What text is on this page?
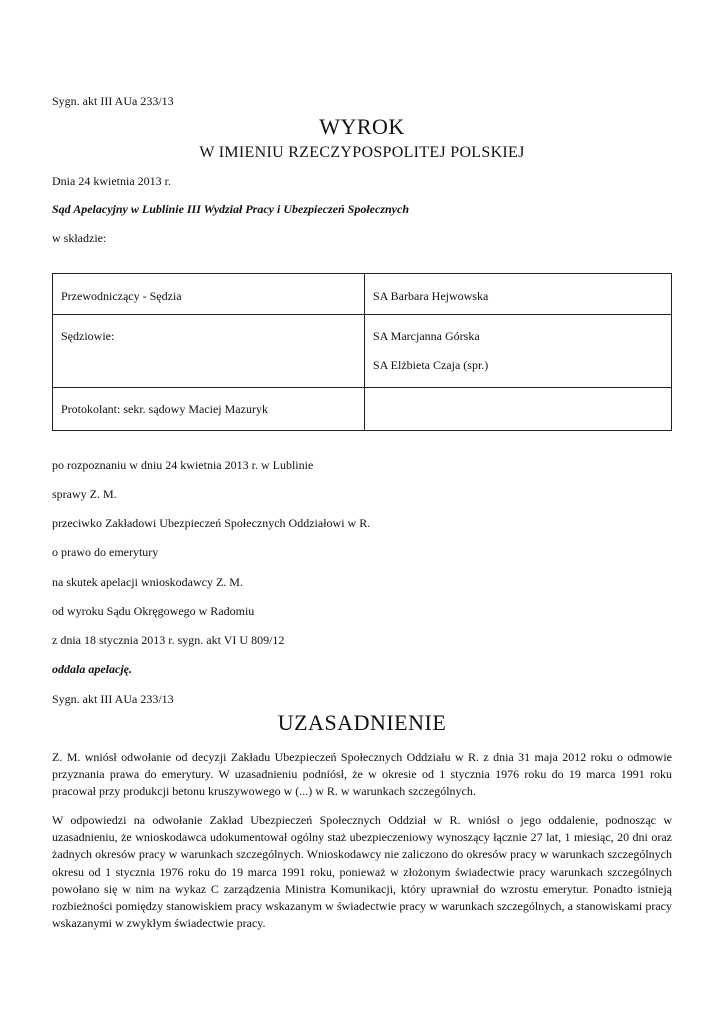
Sygn. akt III AUa 233/13
WYROK
W IMIENIU RZECZYPOSPOLITEJ POLSKIEJ
Dnia 24 kwietnia 2013 r.
Sąd Apelacyjny w Lublinie III Wydział Pracy i Ubezpieczeń Społecznych
w składzie:
Przewodniczący - Sędzia	SA Barbara Hejwowska

Sędziowie:	SA Marcjanna Górska
SA Elżbieta Czaja (spr.)

Protokolant: sekr. sądowy Maciej Mazuryk	

po rozpoznaniu w dniu 24 kwietnia 2013 r. w Lublinie
sprawy Z. M.
przeciwko Zakładowi Ubezpieczeń Społecznych Oddziałowi w R.
o prawo do emerytury
na skutek apelacji wnioskodawcy Z. M.
od wyroku Sądu Okręgowego w Radomiu
z dnia 18 stycznia 2013 r. sygn. akt VI U 809/12
oddala apelację.
Sygn. akt III AUa 233/13
UZASADNIENIE
Z. M. wniósł odwołanie od decyzji Zakładu Ubezpieczeń Społecznych Oddziału w R. z dnia 31 maja 2012 roku o odmowie przyznania prawa do emerytury. W uzasadnieniu podniósł, że w okresie od 1 stycznia 1976 roku do 19 marca 1991 roku pracował przy produkcji betonu kruszywowego w (...) w R. w warunkach szczególnych.
W odpowiedzi na odwołanie Zakład Ubezpieczeń Społecznych Oddział w R. wniósł o jego oddalenie, podnosząc w uzasadnieniu, że wnioskodawca udokumentował ogólny staż ubezpieczeniowy wynoszący łącznie 27 lat, 1 miesiąc, 20 dni oraz żadnych okresów pracy w warunkach szczególnych. Wnioskodawcy nie zaliczono do okresów pracy w warunkach szczególnych okresu od 1 stycznia 1976 roku do 19 marca 1991 roku, ponieważ w złożonym świadectwie pracy warunkach szczególnych powołano się w nim na wykaz C zarządzenia Ministra Komunikacji, który uprawniał do wzrostu emerytur. Ponadto istnieją rozbieżności pomiędzy stanowiskiem pracy wskazanym w świadectwie pracy w warunkach szczególnych, a stanowiskami pracy wskazanymi w zwykłym świadectwie pracy.
